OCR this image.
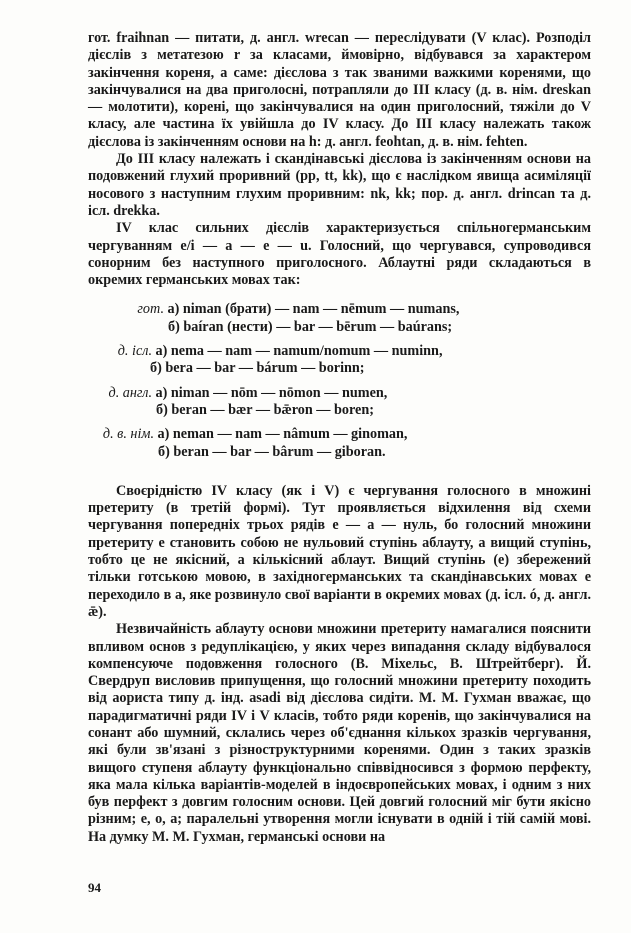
гот. fraihnan — питати, д. англ. wrecan — переслідувати (V клас). Розподіл дієслів з метатезою r за класами, ймовірно, відбувався за характером закінчення кореня, а саме: дієслова з так званими важкими коренями, що закінчувалися на два приголосні, потрапляли до III класу (д. в. нім. dreskan — молотити), корені, що закінчувалися на один приголосний, тяжіли до V класу, але частина їх увійшла до IV класу. До III класу належать також дієслова із закінченням основи на h: д. англ. feohtan, д. в. нім. fehten.

До III класу належать і скандінавські дієслова із закінченням основи на подовжений глухий проривний (pp, tt, kk), що є наслідком явища асиміляції носового з наступним глухим проривним: nk, kk; пор. д. англ. drincan та д. ісл. drekka.

IV клас сильних дієслів характеризується спільногерманським чергуванням e/i — a — e — u. Голосний, що чергувався, супроводився сонорним без наступного приголосного. Аблаутні ряди складаються в окремих германських мовах так:

гот. а) niman (брати) — nam — nēmum — numans,
б) baíran (нести) — bar — bērum — baúrans;
д. ісл. а) nema — nam — namum/nomum — numinn,
б) bera — bar — bárum — borinn;
д. англ. а) niman — nōm — nōmon — numen,
б) beran — bær — bǣron — boren;
д. в. нім. а) neman — nam — nâmum — ginoman,
б) beran — bar — bârum — giboran.

Своєрідністю IV класу (як і V) є чергування голосного в множині претериту (в третій формі). Тут проявляється відхилення від схеми чергування попередніх трьох рядів e — a — нуль, бо голосний множини претериту e становить собою не нульовий ступінь аблауту, а вищий ступінь, тобто це не якісний, а кількісний аблаут. Вищий ступінь (e) збережений тільки готською мовою, в західногерманських та скандінавських мовах e переходило в a, яке розвинуло свої варіанти в окремих мовах (д. ісл. ó, д. англ. ǣ).

Незвичайність аблауту основи множини претериту намагалися пояснити впливом основ з редуплікацією, у яких через випадання складу відбувалося компенсуюче подовження голосного (В. Міхельс, В. Штрейтберг). Й. Свердруп висловив припущення, що голосний множини претериту походить від аориста типу д. інд. asadi від дієслова сидіти. М. М. Гухман вважає, що парадигматичні ряди IV і V класів, тобто ряди коренів, що закінчувалися на сонант або шумний, склались через об'єднання кількох зразків чергування, які були зв'язані з різноструктурними коренями. Один з таких зразків вищого ступеня аблауту функціонально співвідносився з формою перфекту, яка мала кілька варіантів-моделей в індоєвропейських мовах, і одним з них був перфект з довгим голосним основи. Цей довгий голосний міг бути якісно різним; e, o, a; паралельні утворення могли існувати в одній і тій самій мові. На думку М. М. Гухман, германські основи на

94
